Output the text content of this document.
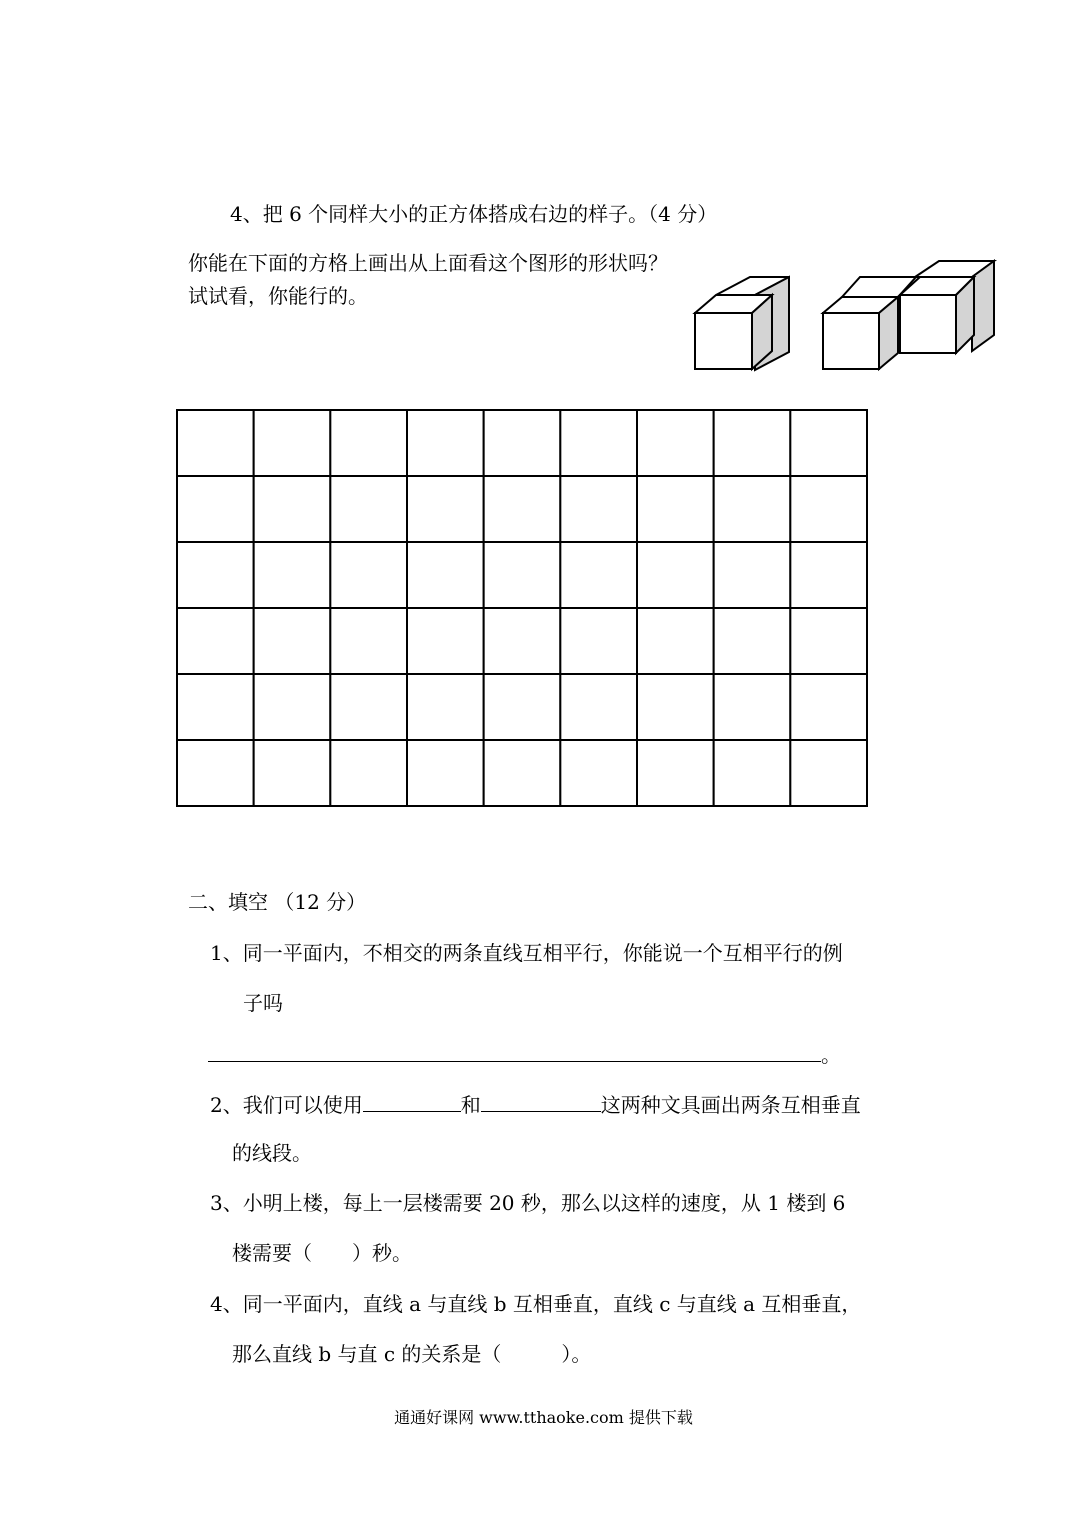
4、把 6 个同样大小的正方体搭成右边的样子。（4 分）
你能在下面的方格上画出从上面看这个图形的形状吗？
试试看，你能行的。
二、填空 （12 分）
1、同一平面内，不相交的两条直线互相平行，你能说一个互相平行的例
子吗
。
2、我们可以使用	和	这两种文具画出两条互相垂直
的线段。
3、小明上楼，每上一层楼需要 20 秒，那么以这样的速度，从 1 楼到 6
楼需要（　　）秒。
4、同一平面内，直线 a 与直线 b 互相垂直，直线 c 与直线 a 互相垂直，
那么直线 b 与直 c 的关系是（　　　）。
通通好课网 www.tthaoke.com 提供下载
